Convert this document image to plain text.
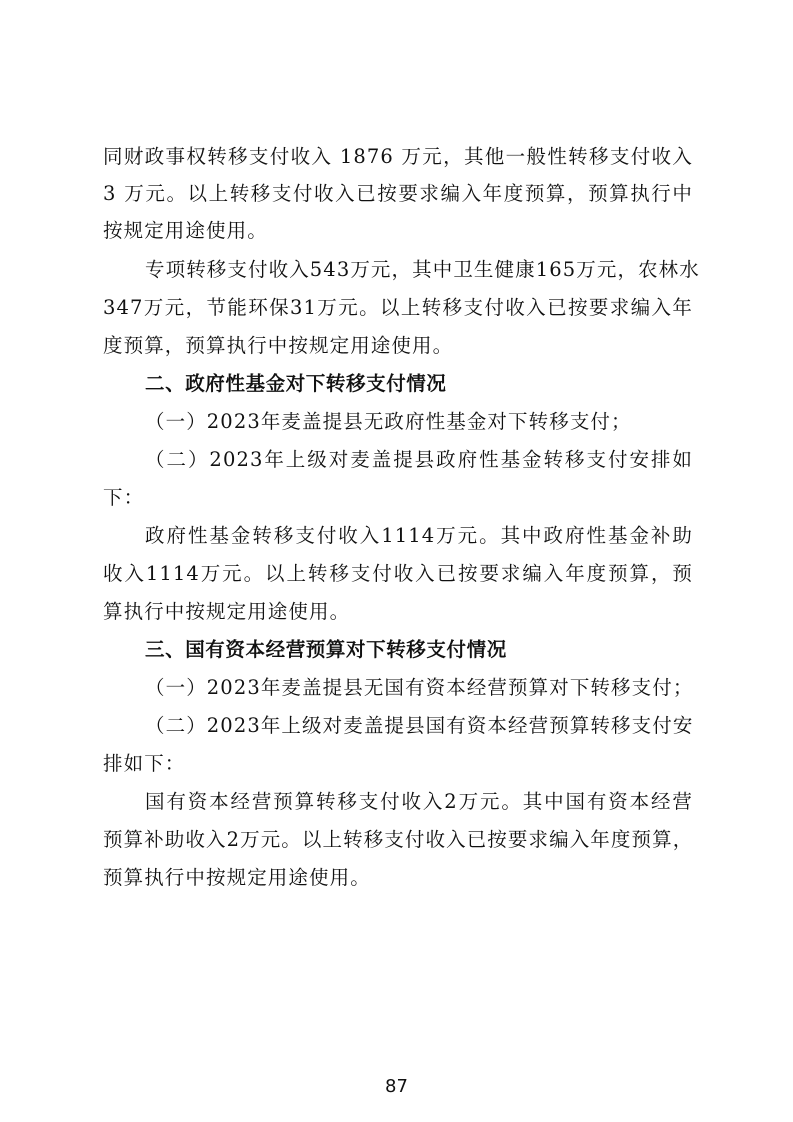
同财政事权转移支付收入 1876 万元，其他一般性转移支付收入
3 万元。以上转移支付收入已按要求编入年度预算，预算执行中
按规定用途使用。
专项转移支付收入543万元，其中卫生健康165万元，农林水
347万元，节能环保31万元。以上转移支付收入已按要求编入年
度预算，预算执行中按规定用途使用。
二、政府性基金对下转移支付情况
（一）2023年麦盖提县无政府性基金对下转移支付；
（二）2023年上级对麦盖提县政府性基金转移支付安排如
下：
政府性基金转移支付收入1114万元。其中政府性基金补助
收入1114万元。以上转移支付收入已按要求编入年度预算，预
算执行中按规定用途使用。
三、国有资本经营预算对下转移支付情况
（一）2023年麦盖提县无国有资本经营预算对下转移支付；
（二）2023年上级对麦盖提县国有资本经营预算转移支付安
排如下：
国有资本经营预算转移支付收入2万元。其中国有资本经营
预算补助收入2万元。以上转移支付收入已按要求编入年度预算，
预算执行中按规定用途使用。
87
